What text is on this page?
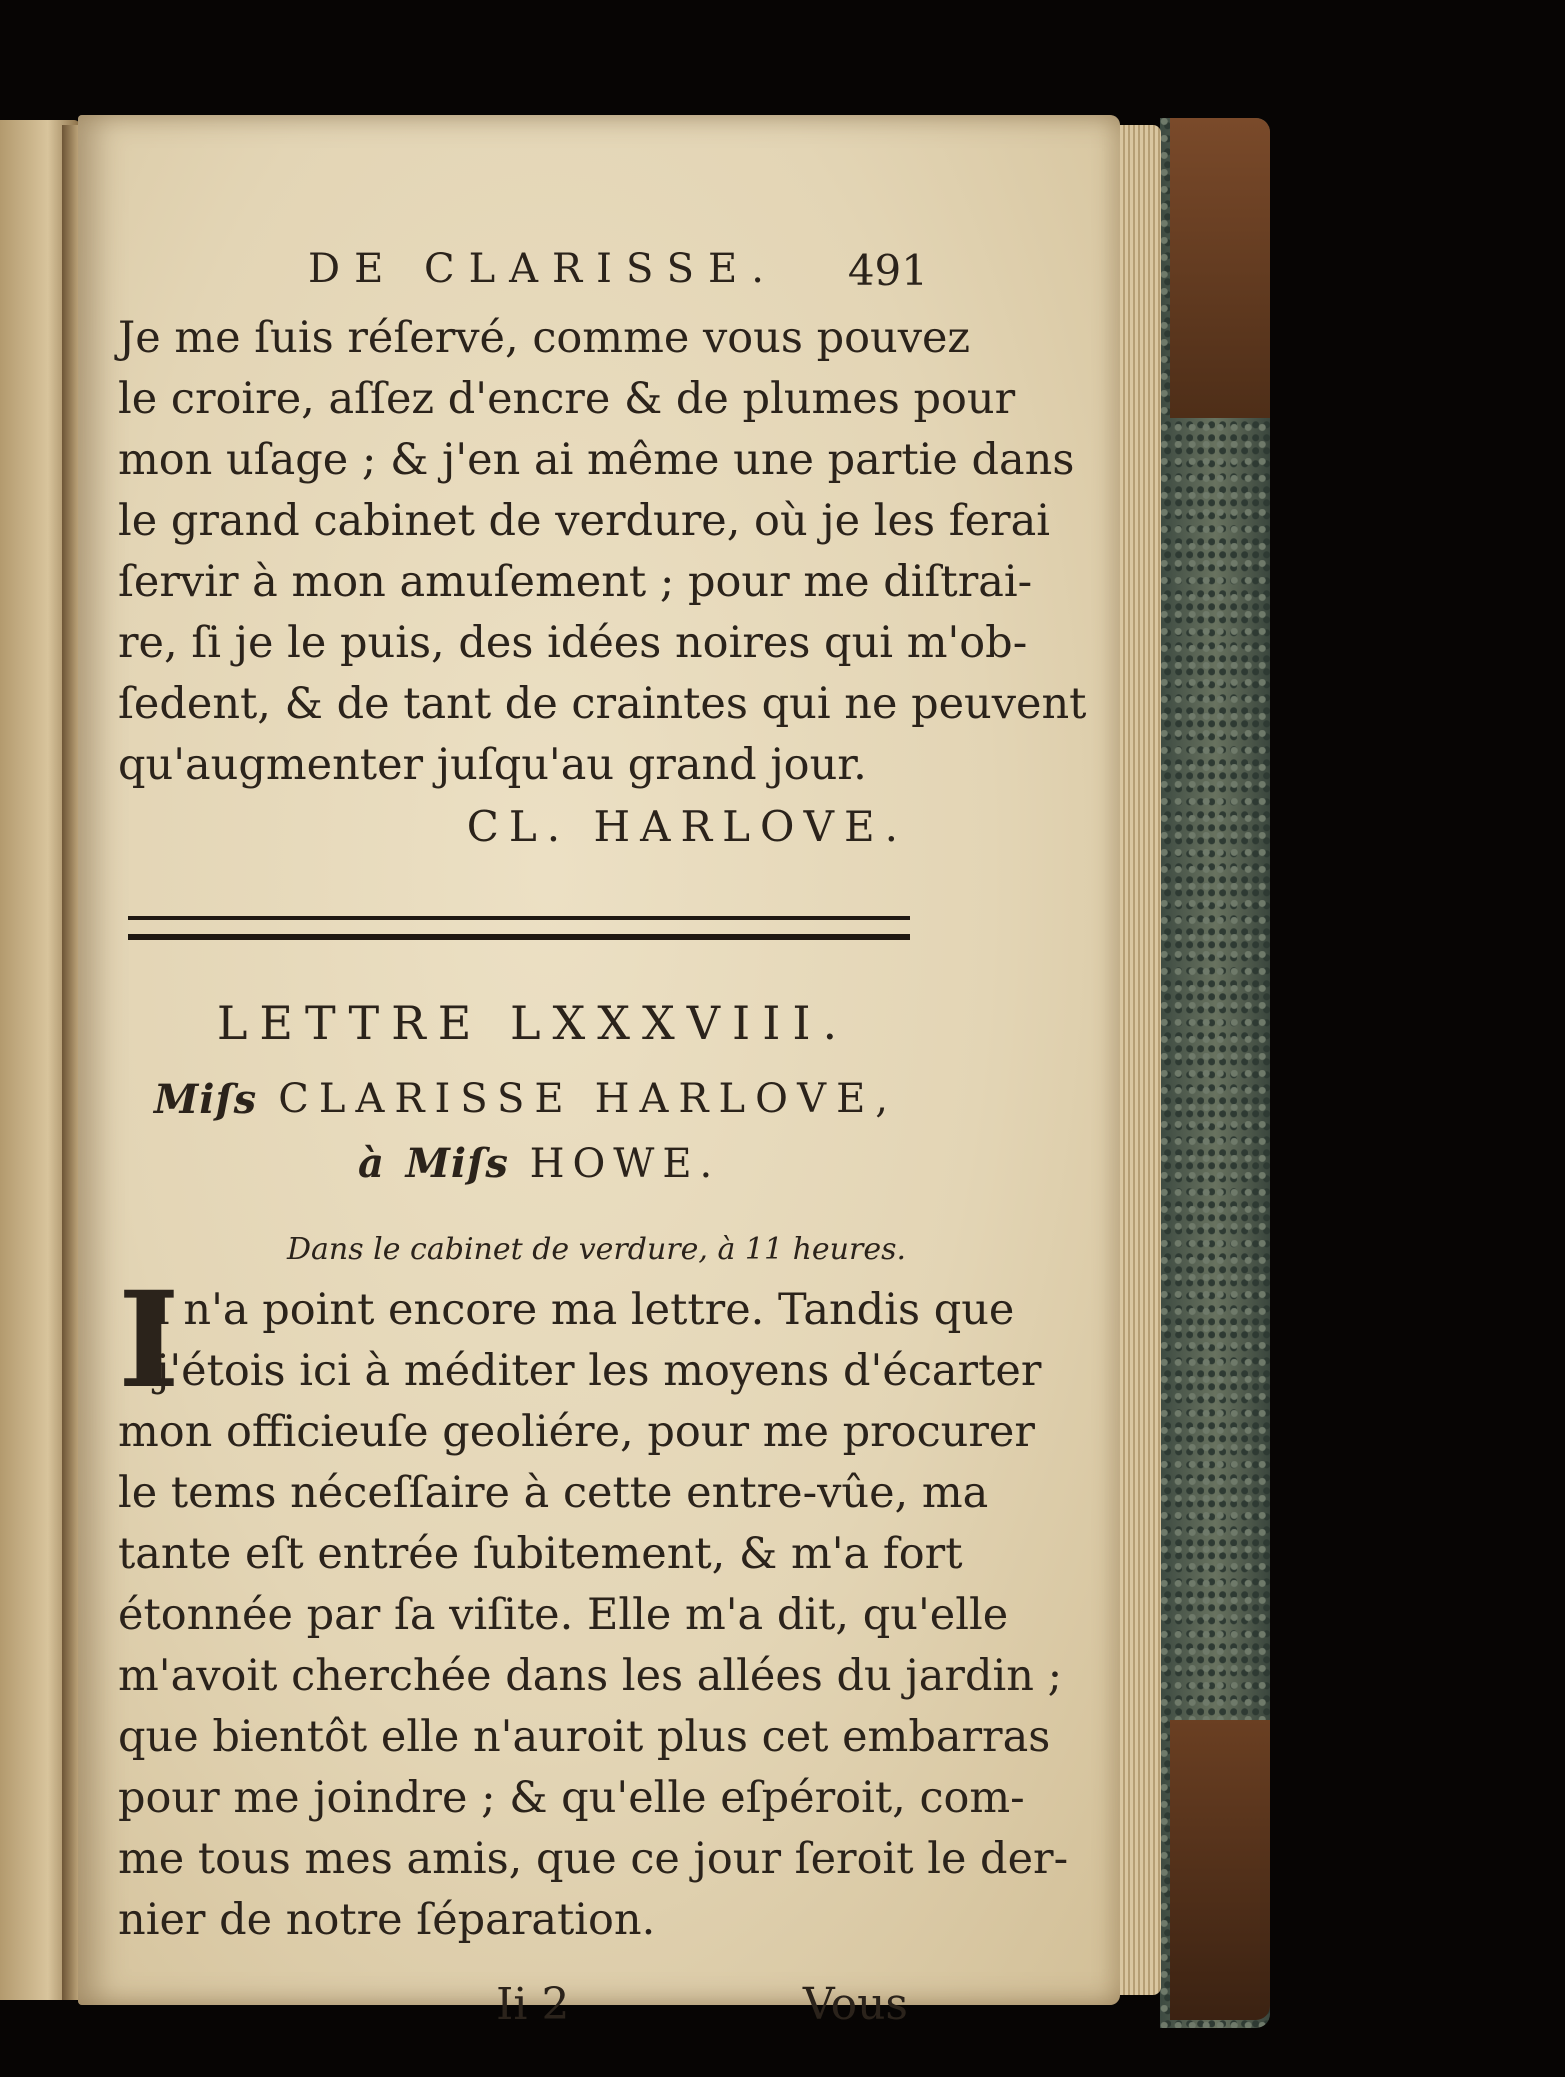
DE CLARISSE. 491
Je me ſuis réſervé, comme vous pouvez
le croire, aſſez d'encre & de plumes pour
mon uſage ; & j'en ai même une partie dans
le grand cabinet de verdure, où je les ferai
ſervir à mon amuſement ; pour me diſtrai-
re, ſi je le puis, des idées noires qui m'ob-
ſedent, & de tant de craintes qui ne peuvent
qu'augmenter juſqu'au grand jour.
CL. HARLOVE.
LETTRE LXXXVIII.
Miſs CLARISSE HARLOVE,
à Miſs HOWE.
Dans le cabinet de verdure, à 11 heures.
I
l n'a point encore ma lettre. Tandis que
j'étois ici à méditer les moyens d'écarter
mon officieuſe geoliére, pour me procurer
le tems néceſſaire à cette entre-vûe, ma
tante eſt entrée ſubitement, & m'a fort
étonnée par ſa viſite. Elle m'a dit, qu'elle
m'avoit cherchée dans les allées du jardin ;
que bientôt elle n'auroit plus cet embarras
pour me joindre ; & qu'elle eſpéroit, com-
me tous mes amis, que ce jour ſeroit le der-
nier de notre ſéparation.
Ii 2	Vous
